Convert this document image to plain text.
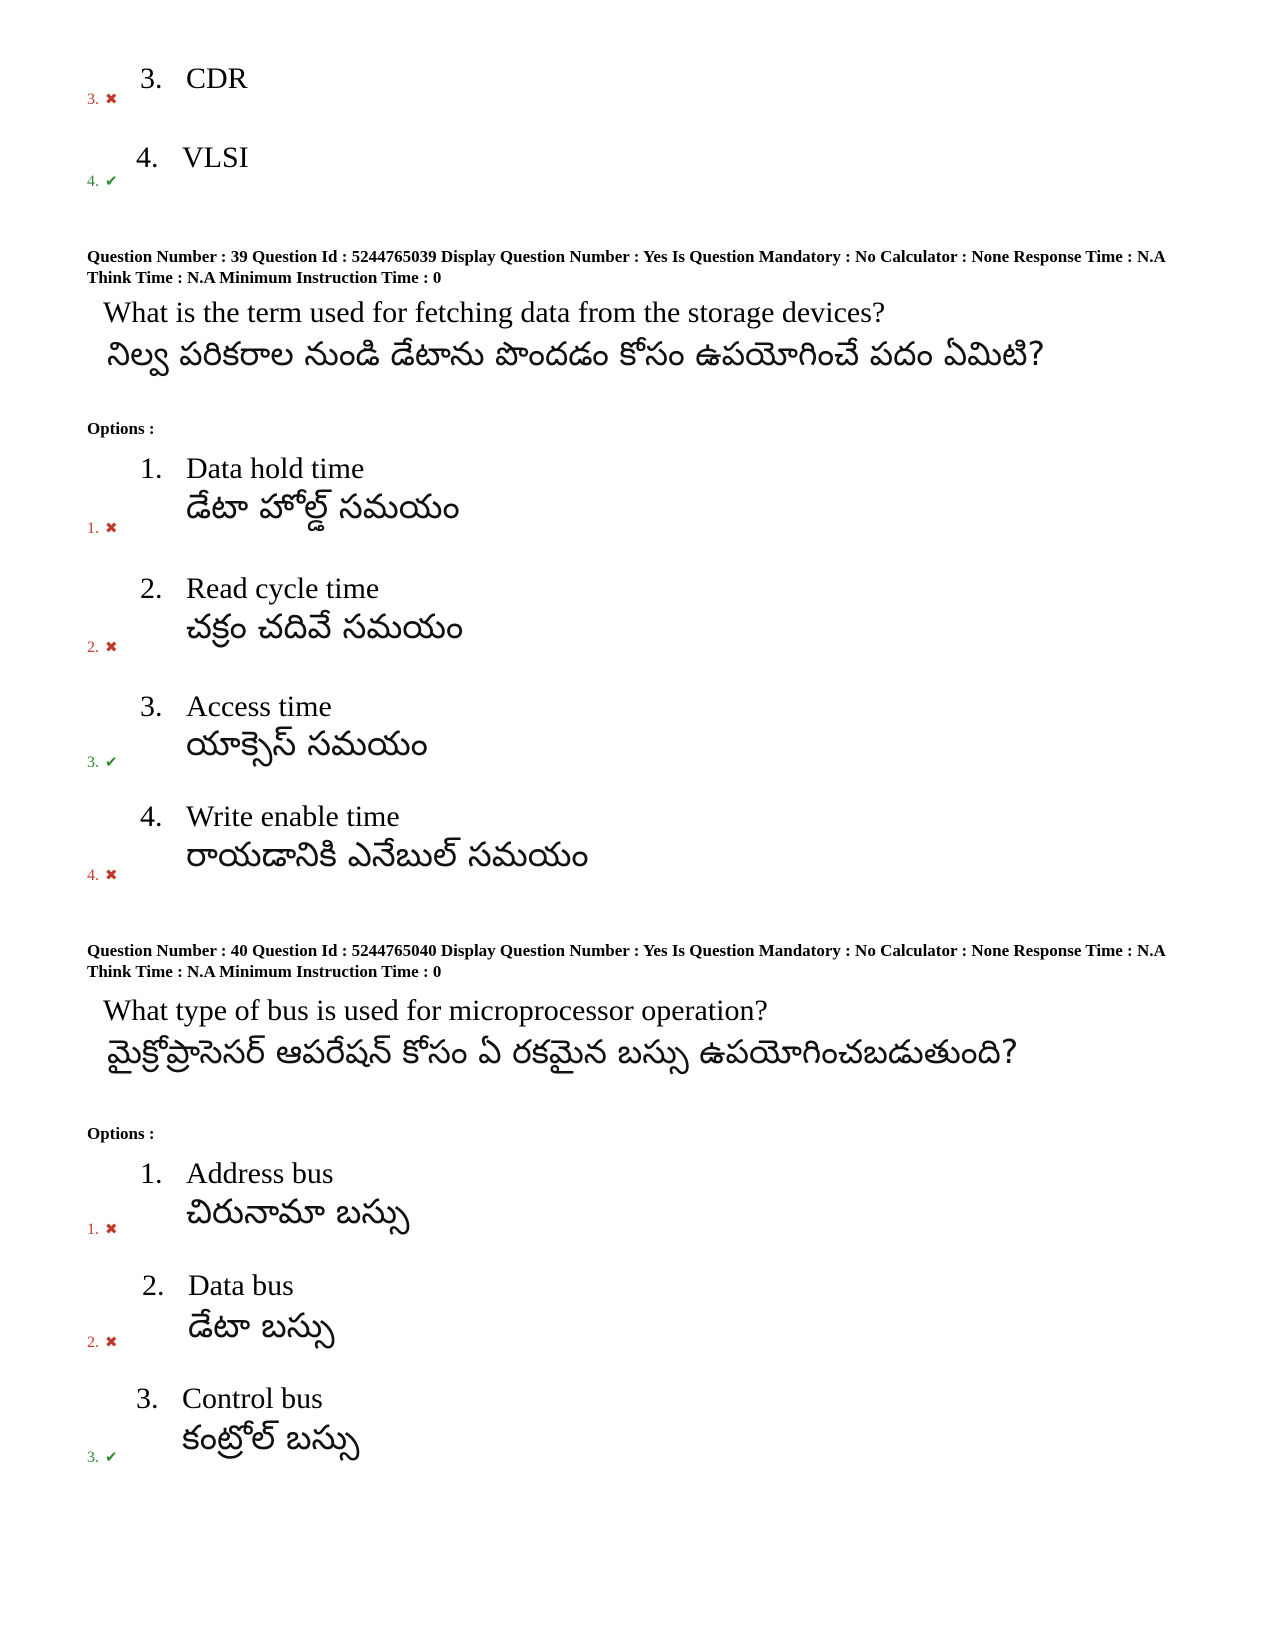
3. CDR
3. ✖
4. VLSI
4. ✔
Question Number : 39 Question Id : 5244765039 Display Question Number : Yes Is Question Mandatory : No Calculator : None Response Time : N.A Think Time : N.A Minimum Instruction Time : 0
What is the term used for fetching data from the storage devices?
నిల్వ పరికరాల నుండి డేటాను పొందడం కోసం ఉపయోగించే పదం ఏమిటి?
Options :
1. Data hold time
డేటా హోల్డ్ సమయం
1. ✖
2. Read cycle time
చక్రం చదివే సమయం
2. ✖
3. Access time
యాక్సెస్ సమయం
3. ✔
4. Write enable time
రాయడానికి ఎనేబుల్ సమయం
4. ✖
Question Number : 40 Question Id : 5244765040 Display Question Number : Yes Is Question Mandatory : No Calculator : None Response Time : N.A Think Time : N.A Minimum Instruction Time : 0
What type of bus is used for microprocessor operation?
మైక్రోప్రాసెసర్ ఆపరేషన్ కోసం ఏ రకమైన బస్సు ఉపయోగించబడుతుంది?
Options :
1. Address bus
చిరునామా బస్సు
1. ✖
2. Data bus
డేటా బస్సు
2. ✖
3. Control bus
కంట్రోల్ బస్సు
3. ✔
